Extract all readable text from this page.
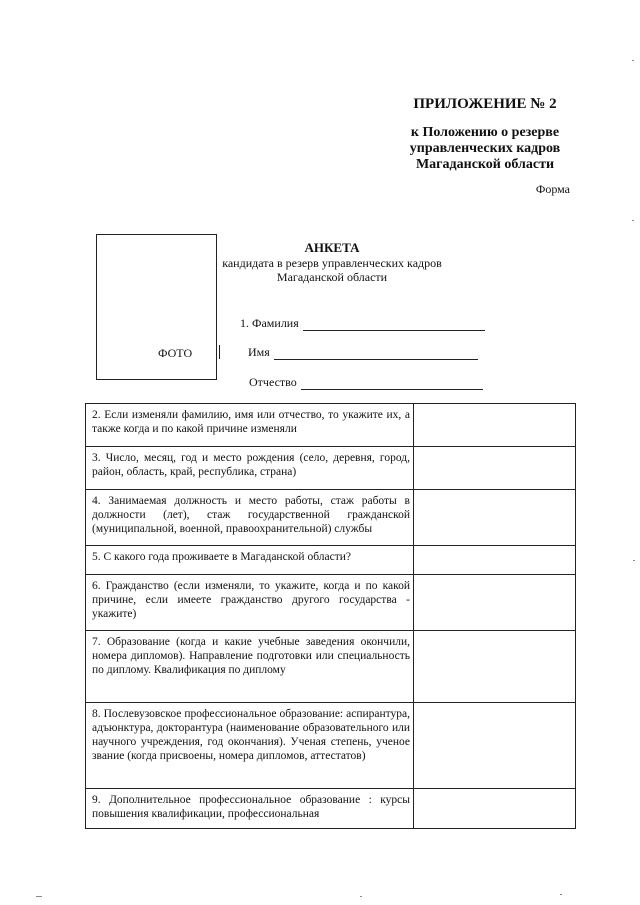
ПРИЛОЖЕНИЕ № 2
к Положению о резерве
управленческих кадров
Магаданской области
Форма
ФОТО
АНКЕТА
кандидата в резерв управленческих кадров
Магаданской области
1. Фамилия
Имя
Отчество
2. Если изменяли фамилию, имя или отчество, то укажите их, а также когда и по какой причине изменяли	
3. Число, месяц, год и место рождения (село, деревня, город, район, область, край, республика, страна)	
4. Занимаемая должность и место работы, стаж работы в должности (лет), стаж государственной гражданской (муниципальной, военной, правоохранительной) службы	
5. С какого года проживаете в Магаданской области?	
6. Гражданство (если изменяли, то укажите, когда и по какой причине, если имеете гражданство другого государства - укажите)	
7. Образование (когда и какие учебные заведения окончили, номера дипломов). Направление подготовки или специальность по диплому. Квалификация по диплому	
8. Послевузовское профессиональное образование: аспирантура, адъюнктура, докторантура (наименование образовательного или научного учреждения, год окончания). Ученая степень, ученое звание (когда присвоены, номера дипломов, аттестатов)	
9. Дополнительное профессиональное образование : курсы повышения квалификации, профессиональная	
